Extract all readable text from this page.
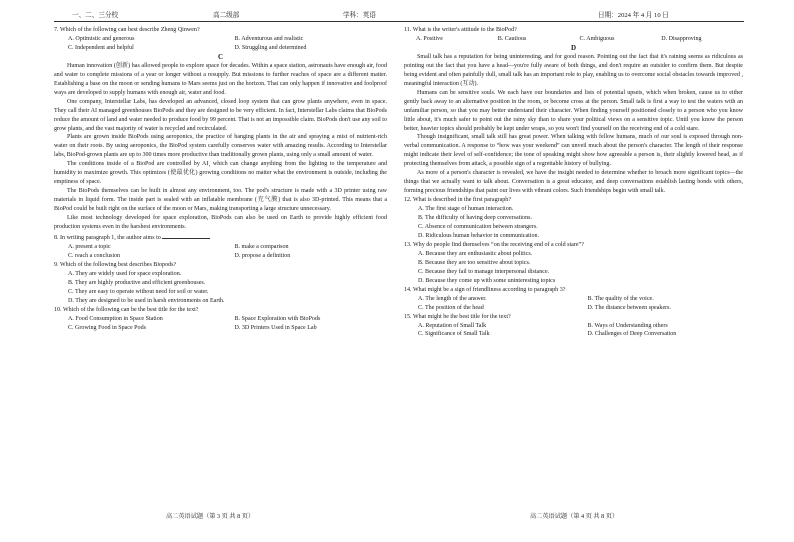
一、二、三分校	高二级部	学科：英语	日期：2024 年 4 月 10 日

7. Which of the following can best describe Zheng Qinwen?

A. Optimistic and generous	B. Adventurous and realistic

C. Independent and helpful	D. Struggling and determined

C

Human innovation (创新) has allowed people to explore space for decades. Within a space station, astronauts have enough air, food and water to complete missions of a year or longer without a resupply. But missions to further reaches of space are a different matter. Establishing a base on the moon or sending humans to Mars seems just on the horizon. That can only happen if innovative and foolproof ways are developed to supply humans with enough air, water and food.

One company, Interstellar Labs, has developed an advanced, closed loop system that can grow plants anywhere, even in space. They call their AI managed greenhouses BioPods and they are designed to be very efficient. In fact, Interstellar Labs claims that BioPods reduce the amount of land and water needed to produce food by 99 percent. That is not an impossible claim. BioPods don't use any soil to grow plants, and the vast majority of water is recycled and recirculated.

Plants are grown inside BioPods using aeroponics, the practice of hanging plants in the air and spraying a mist of nutrient-rich water on their roots. By using aeroponics, the BioPod system carefully conserves water with amazing results. According to Interstellar labs, BioPod-grown plants are up to 300 times more productive than traditionally grown plants, using only a small amount of water.

The conditions inside of a BioPod are controlled by AI¸ which can change anything from the lighting to the temperature and humidity to maximize growth. This optimizes (使最优化) growing conditions no matter what the environment is outside, including the emptiness of space.

The BioPods themselves can be built in almost any environment, too. The pod's structure is made with a 3D printer using raw materials in liquid form. The inside part is sealed with an inflatable membrane (充气膜) that is also 3D-printed. This means that a BioPod could be built right on the surface of the moon or Mars, making transporting a large structure unnecessary.

Like most technology developed for space exploration, BioPods can also be used on Earth to provide highly efficient food production systems even in the harshest environments.

8. In writing paragraph 1, the author aims to

A. present a topic	B. make a comparison

C. reach a conclusion	D. propose a definition

9. Which of the following best describes Biopods?

A. They are widely used for space exploration.

B. They are highly productive and efficient greenhouses.

C. They are easy to operate without need for soil or water.

D. They are designed to be used in harsh environments on Earth.

10. Which of the following can be the best title for the text?

A. Food Consumption in Space Station	B. Space Exploration with BioPods

C. Growing Food in Space Pods	D. 3D Printers Used in Space Lab

11. What is the writer's attitude to the BioPod?

A. Positive	B. Cautious	C. Ambiguous	D. Disapproving

D

Small talk has a reputation for being uninteresting, and for good reason. Pointing out the fact that it's raining seems as ridiculous as pointing out the fact that you have a head—you're fully aware of both things, and don't require an outsider to confirm them. But despite being evident and often painfully dull, small talk has an important role to play, enabling us to overcome social obstacles towards improved , meaningful interaction (互动).

Humans can be sensitive souls. We each have our boundaries and lists of potential upsets, which when broken, cause us to either gently back away to an alternative position in the room, or become cross at the person. Small talk is first a way to test the waters with an unfamiliar person, so that you may better understand their character. When finding yourself positioned closely to a person who you know little about, it's much safer to point out the rainy sky than to share your political views on a sensitive topic. Until you know the person better, heavier topics should probably be kept under wraps, so you won't find yourself on the receiving end of a cold stare.

Though insignificant, small talk still has great power. When talking with fellow humans, much of our soul is exposed through non-verbal communication. A response to “how was your weekend” can unveil much about the person's character. The length of their response might indicate their level of self-confidence; the tone of speaking might show how agreeable a person is, their slightly lowered head, as if protecting themselves from attack, a possible sign of a regrettable history of bullying.

As more of a person's character is revealed, we have the insight needed to determine whether to broach more significant topics—the things that we actually want to talk about. Conversation is a great educator, and deep conversations establish lasting bonds with others, forming precious friendships that paint our lives with vibrant colors. Such friendships begin with small talk.

12. What is described in the first paragraph?

A. The first stage of human interaction.

B. The difficulty of having deep conversations.

C. Absence of communication between strangers.

D. Ridiculous human behavior in communication.

13. Why do people find themselves “on the receiving end of a cold stare”?

A. Because they are enthusiastic about politics.

B. Because they are too sensitive about topics.

C. Because they fail to manage interpersonal distance.

D. Because they come up with some uninteresting topics

14. What might be a sign of friendliness according to paragraph 3?

A. The length of the answer.	B. The quality of the voice.

C. The position of the head	D. The distance between speakers.

15. What might be the best title for the text?

A. Reputation of Small Talk	B. Ways of Understanding others

C. Significance of Small Talk	D. Challenges of Deep Conversation

高二英语试题（第 3 页 共 8 页）	高二英语试题（第 4 页 共 8 页）
